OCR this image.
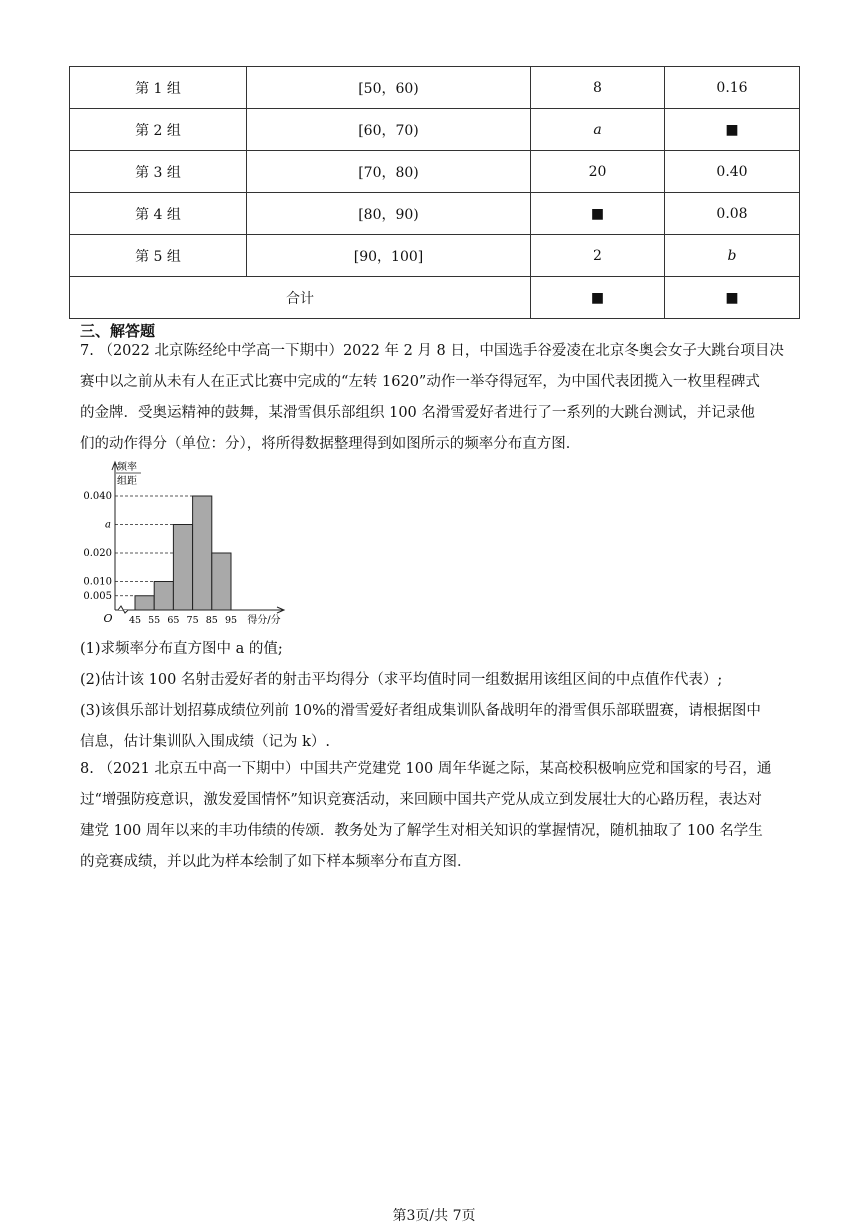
第 1 组	[50，60)	8	0.16
第 2 组	[60，70)	a	■
第 3 组	[70，80)	20	0.40
第 4 组	[80，90)	■	0.08
第 5 组	[90，100]	2	b
合计		■	■
三、解答题
7. （2022 北京陈经纶中学高一下期中）2022 年 2 月 8 日，中国选手谷爱凌在北京冬奥会女子大跳台项目决
赛中以之前从未有人在正式比赛中完成的“左转 1620”动作一举夺得冠军，为中国代表团揽入一枚里程碑式
的金牌．受奥运精神的鼓舞，某滑雪俱乐部组织 100 名滑雪爱好者进行了一系列的大跳台测试，并记录他
们的动作得分（单位：分），将所得数据整理得到如图所示的频率分布直方图．
频率
组距
0.005
0.010
0.020
a
0.040
45 55 65 75 85 95 得分/分
O
(1)求频率分布直方图中 a 的值;
(2)估计该 100 名射击爱好者的射击平均得分（求平均值时同一组数据用该组区间的中点值作代表）;
(3)该俱乐部计划招募成绩位列前 10%的滑雪爱好者组成集训队备战明年的滑雪俱乐部联盟赛，请根据图中
信息，估计集训队入围成绩（记为 k）.
8. （2021 北京五中高一下期中）中国共产党建党 100 周年华诞之际，某高校积极响应党和国家的号召，通
过“增强防疫意识，激发爱国情怀”知识竞赛活动，来回顾中国共产党从成立到发展壮大的心路历程，表达对
建党 100 周年以来的丰功伟绩的传颂．教务处为了解学生对相关知识的掌握情况，随机抽取了 100 名学生
的竞赛成绩，并以此为样本绘制了如下样本频率分布直方图．
第3页/共 7页
